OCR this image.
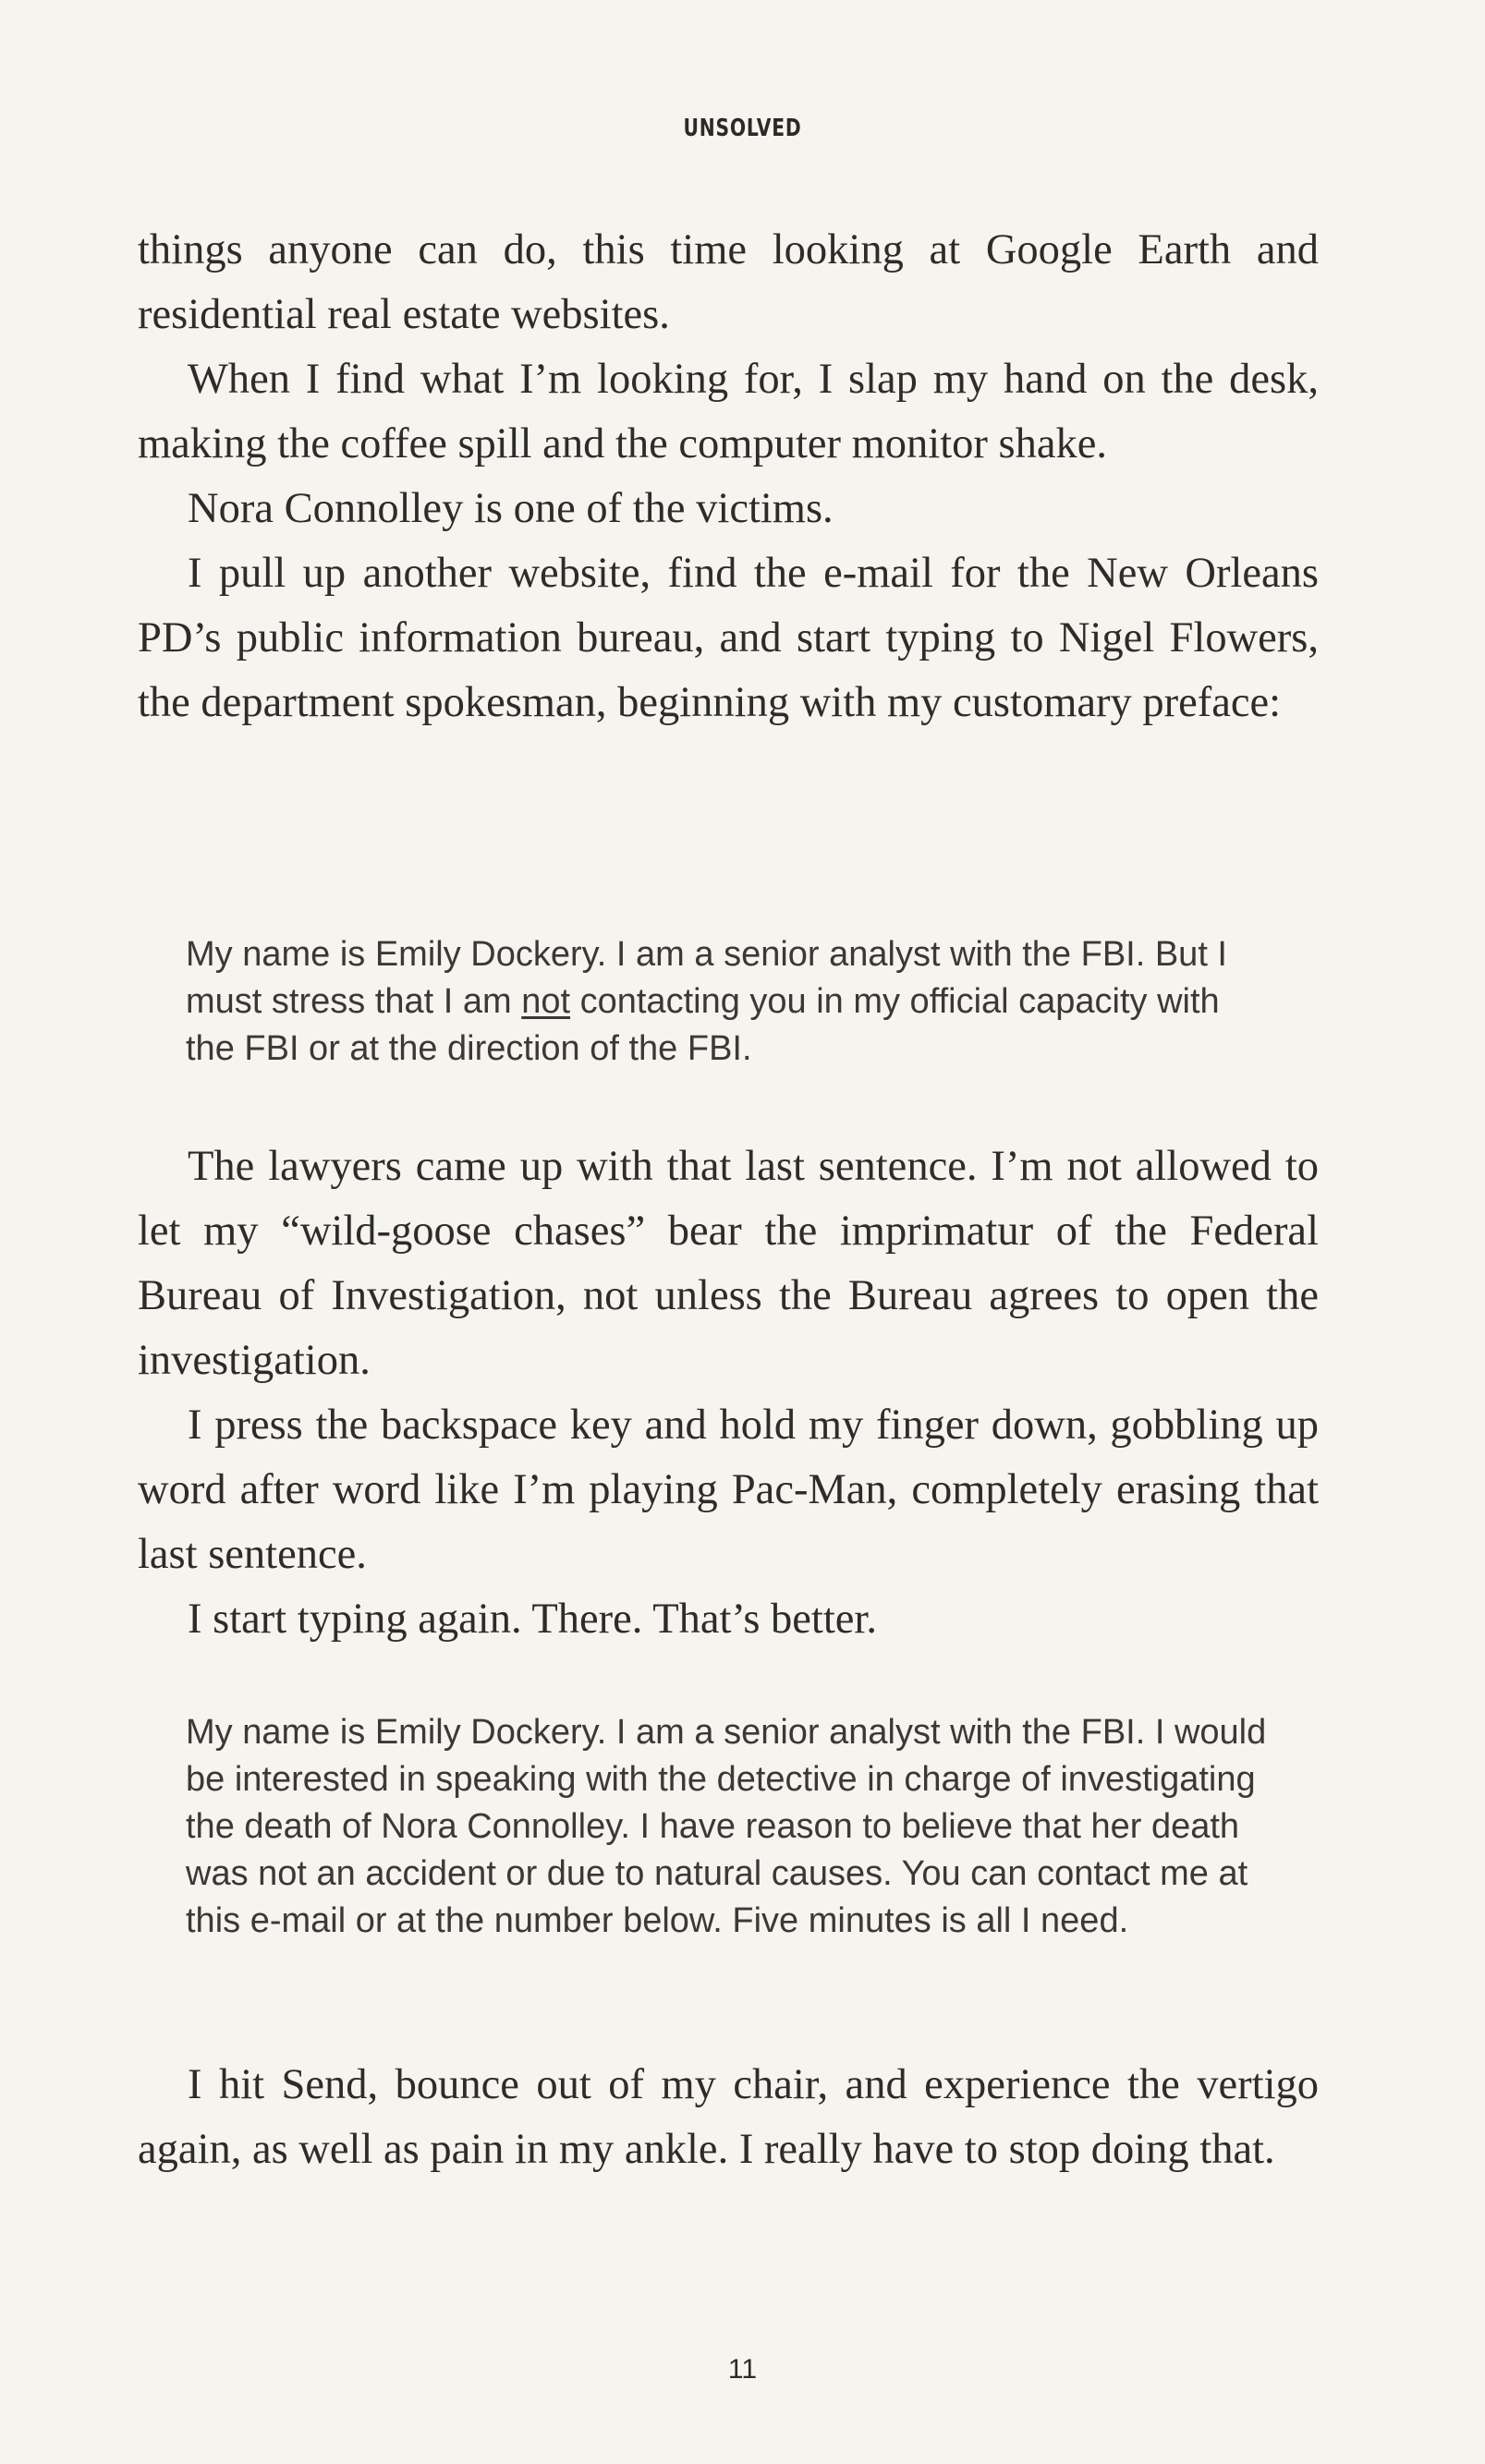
UNSOLVED

things anyone can do, this time looking at Google Earth and residential real estate websites.

When I find what I’m looking for, I slap my hand on the desk, making the coffee spill and the computer monitor shake.

Nora Connolley is one of the victims.

I pull up another website, find the e-mail for the New Orleans PD’s public information bureau, and start typing to Nigel Flowers, the department spokesman, beginning with my customary preface:

My name is Emily Dockery. I am a senior analyst with the FBI. But I must stress that I am not contacting you in my official capacity with the FBI or at the direction of the FBI.

The lawyers came up with that last sentence. I’m not allowed to let my “wild-goose chases” bear the imprimatur of the Federal Bureau of Investigation, not unless the Bureau agrees to open the investigation.

I press the backspace key and hold my finger down, gobbling up word after word like I’m playing Pac-Man, completely erasing that last sentence.

I start typing again. There. That’s better.

My name is Emily Dockery. I am a senior analyst with the FBI. I would be interested in speaking with the detective in charge of investigating the death of Nora Connolley. I have reason to believe that her death was not an accident or due to natural causes. You can contact me at this e-mail or at the number below. Five minutes is all I need.

I hit Send, bounce out of my chair, and experience the vertigo again, as well as pain in my ankle. I really have to stop doing that.

11
